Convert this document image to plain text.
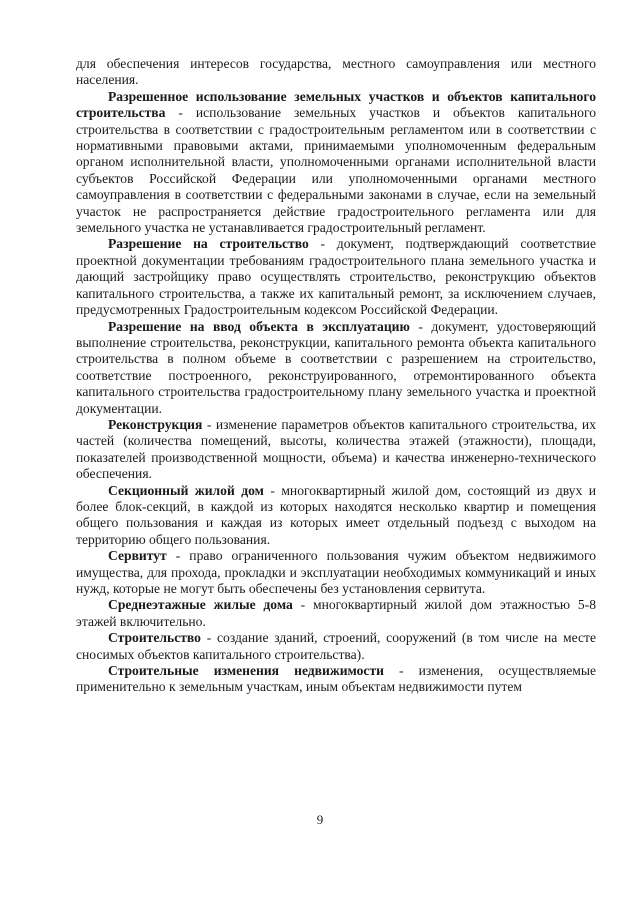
для обеспечения интересов государства, местного самоуправления или местного населения.

Разрешенное использование земельных участков и объектов капитального строительства - использование земельных участков и объектов капитального строительства в соответствии с градостроительным регламентом или в соответствии с нормативными правовыми актами, принимаемыми уполномоченным федеральным органом исполнительной власти, уполномоченными органами исполнительной власти субъектов Российской Федерации или уполномоченными органами местного самоуправления в соответствии с федеральными законами в случае, если на земельный участок не распространяется действие градостроительного регламента или для земельного участка не устанавливается градостроительный регламент.

Разрешение на строительство - документ, подтверждающий соответствие проектной документации требованиям градостроительного плана земельного участка и дающий застройщику право осуществлять строительство, реконструкцию объектов капитального строительства, а также их капитальный ремонт, за исключением случаев, предусмотренных Градостроительным кодексом Российской Федерации.

Разрешение на ввод объекта в эксплуатацию - документ, удостоверяющий выполнение строительства, реконструкции, капитального ремонта объекта капитального строительства в полном объеме в соответствии с разрешением на строительство, соответствие построенного, реконструированного, отремонтированного объекта капитального строительства градостроительному плану земельного участка и проектной документации.

Реконструкция - изменение параметров объектов капитального строительства, их частей (количества помещений, высоты, количества этажей (этажности), площади, показателей производственной мощности, объема) и качества инженерно-технического обеспечения.

Секционный жилой дом - многоквартирный жилой дом, состоящий из двух и более блок-секций, в каждой из которых находятся несколько квартир и помещения общего пользования и каждая из которых имеет отдельный подъезд с выходом на территорию общего пользования.

Сервитут - право ограниченного пользования чужим объектом недвижимого имущества, для прохода, прокладки и эксплуатации необходимых коммуникаций и иных нужд, которые не могут быть обеспечены без установления сервитута.

Среднеэтажные жилые дома - многоквартирный жилой дом этажностью 5-8 этажей включительно.

Строительство - создание зданий, строений, сооружений (в том числе на месте сносимых объектов капитального строительства).

Строительные изменения недвижимости - изменения, осуществляемые применительно к земельным участкам, иным объектам недвижимости путем

9
